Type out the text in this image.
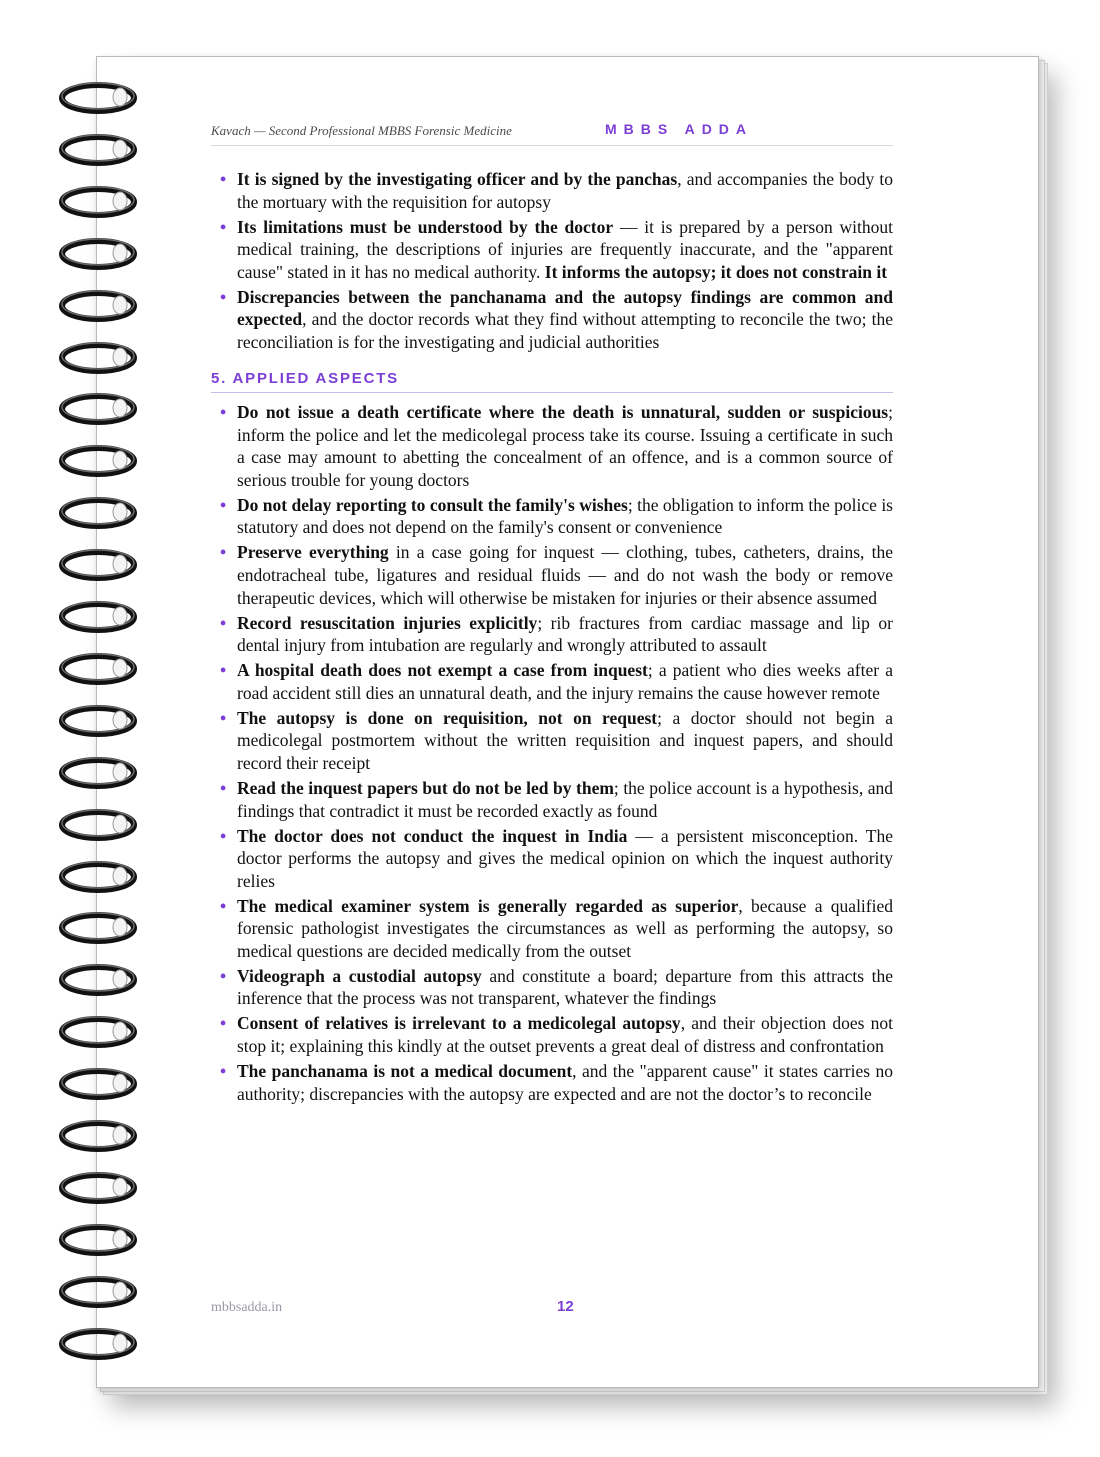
Kavach — Second Professional MBBS Forensic Medicine	MBBS ADDA
• It is signed by the investigating officer and by the panchas, and accompanies the body to the mortuary with the requisition for autopsy
• Its limitations must be understood by the doctor — it is prepared by a person without medical training, the descriptions of injuries are frequently inaccurate, and the "apparent cause" stated in it has no medical authority. It informs the autopsy; it does not constrain it
• Discrepancies between the panchanama and the autopsy findings are common and expected, and the doctor records what they find without attempting to reconcile the two; the reconciliation is for the investigating and judicial authorities
5. APPLIED ASPECTS
• Do not issue a death certificate where the death is unnatural, sudden or suspicious; inform the police and let the medicolegal process take its course. Issuing a certificate in such a case may amount to abetting the concealment of an offence, and is a common source of serious trouble for young doctors
• Do not delay reporting to consult the family's wishes; the obligation to inform the police is statutory and does not depend on the family's consent or convenience
• Preserve everything in a case going for inquest — clothing, tubes, catheters, drains, the endotracheal tube, ligatures and residual fluids — and do not wash the body or remove therapeutic devices, which will otherwise be mistaken for injuries or their absence assumed
• Record resuscitation injuries explicitly; rib fractures from cardiac massage and lip or dental injury from intubation are regularly and wrongly attributed to assault
• A hospital death does not exempt a case from inquest; a patient who dies weeks after a road accident still dies an unnatural death, and the injury remains the cause however remote
• The autopsy is done on requisition, not on request; a doctor should not begin a medicolegal postmortem without the written requisition and inquest papers, and should record their receipt
• Read the inquest papers but do not be led by them; the police account is a hypothesis, and findings that contradict it must be recorded exactly as found
• The doctor does not conduct the inquest in India — a persistent misconception. The doctor performs the autopsy and gives the medical opinion on which the inquest authority relies
• The medical examiner system is generally regarded as superior, because a qualified forensic pathologist investigates the circumstances as well as performing the autopsy, so medical questions are decided medically from the outset
• Videograph a custodial autopsy and constitute a board; departure from this attracts the inference that the process was not transparent, whatever the findings
• Consent of relatives is irrelevant to a medicolegal autopsy, and their objection does not stop it; explaining this kindly at the outset prevents a great deal of distress and confrontation
• The panchanama is not a medical document, and the "apparent cause" it states carries no authority; discrepancies with the autopsy are expected and are not the doctor’s to reconcile
mbbsadda.in	12
